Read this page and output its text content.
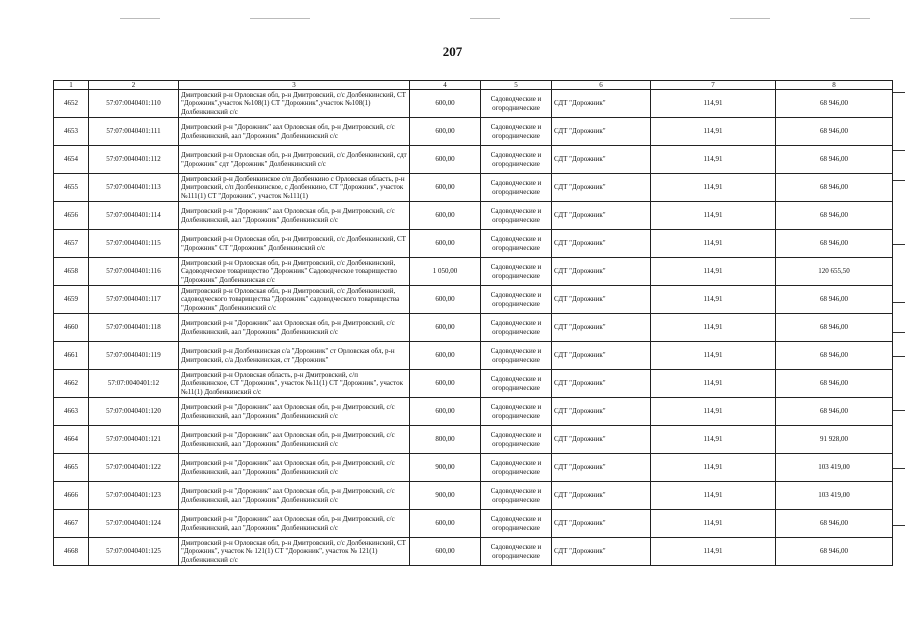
207
1	2	3	4	5	6	7	8
4652	57:07:0040401:110	Дмитровский р-н Орловская обл, р-н Дмитровский, с/с Долбенкинский, СТ "Дорожник",участок №108(1) СТ "Дорожник",участок №108(1) Долбенкинский с/с	600,00	Садоводческие и огороднические	СДТ "Дорожник"	114,91	68 946,00
4653	57:07:0040401:111	Дмитровский р-н "Дорожник" аал Орловская обл, р-н Дмитровский, с/с Долбенкинский, аал "Дорожник" Долбенкинский с/с	600,00	Садоводческие и огороднические	СДТ "Дорожник"	114,91	68 946,00
4654	57:07:0040401:112	Дмитровский р-н Орловская обл, р-н Дмитровский, с/с Долбенкинский, сдт "Дорожник" сдт "Дорожник" Долбенкинский с/с	600,00	Садоводческие и огороднические	СДТ "Дорожник"	114,91	68 946,00
4655	57:07:0040401:113	Дмитровский р-н Долбенкинское с/п Долбенкино с Орловская область, р-н Дмитровский, с/п Долбенкинское, с Долбенкино, СТ "Дорожник", участок №111(1) СТ "Дорожник", участок №111(1)	600,00	Садоводческие и огороднические	СДТ "Дорожник"	114,91	68 946,00
4656	57:07:0040401:114	Дмитровский р-н "Дорожник" аал Орловская обл, р-н Дмитровский, с/с Долбенкинский, аал "Дорожник" Долбенкинский с/с	600,00	Садоводческие и огороднические	СДТ "Дорожник"	114,91	68 946,00
4657	57:07:0040401:115	Дмитровский р-н Орловская обл, р-н Дмитровский, с/с Долбенкинский, СТ "Дорожник" СТ "Дорожник" Долбенкинский с/с	600,00	Садоводческие и огороднические	СДТ "Дорожник"	114,91	68 946,00
4658	57:07:0040401:116	Дмитровский р-н Орловская обл, р-н Дмитровский, с/с Долбенкинский, Садоводческое товарищество "Дорожник" Садоводческое товарищество "Дорожник" Долбенкинская с/с	1 050,00	Садоводческие и огороднические	СДТ "Дорожник"	114,91	120 655,50
4659	57:07:0040401:117	Дмитровский р-н Орловская обл, р-н Дмитровский, с/с Долбенкинский, садоводческого товарищества "Дорожник" садоводческого товарищества "Дорожник" Долбенкинский с/с	600,00	Садоводческие и огороднические	СДТ "Дорожник"	114,91	68 946,00
4660	57:07:0040401:118	Дмитровский р-н "Дорожник" аал Орловская обл, р-н Дмитровский, с/с Долбенкинский, аал "Дорожник" Долбенкинский с/с	600,00	Садоводческие и огороднические	СДТ "Дорожник"	114,91	68 946,00
4661	57:07:0040401:119	Дмитровский р-н Долбенкинская с/а "Дорожник" ст Орловская обл, р-н Дмитровский, с/а Долбенкинская, ст "Дорожник"	600,00	Садоводческие и огороднические	СДТ "Дорожник"	114,91	68 946,00
4662	57:07:0040401:12	Дмитровский р-н Орловская область, р-н Дмитровский, с/п Долбенкинское, СТ "Дорожник", участок №11(1) СТ "Дорожник", участок №11(1) Долбенкинский с/с	600,00	Садоводческие и огороднические	СДТ "Дорожник"	114,91	68 946,00
4663	57:07:0040401:120	Дмитровский р-н "Дорожник" аал Орловская обл, р-н Дмитровский, с/с Долбенкинский, аал "Дорожник" Долбенкинский с/с	600,00	Садоводческие и огороднические	СДТ "Дорожник"	114,91	68 946,00
4664	57:07:0040401:121	Дмитровский р-н "Дорожник" аал Орловская обл, р-н Дмитровский, с/с Долбенкинский, аал "Дорожник" Долбенкинский с/с	800,00	Садоводческие и огороднические	СДТ "Дорожник"	114,91	91 928,00
4665	57:07:0040401:122	Дмитровский р-н "Дорожник" аал Орловская обл, р-н Дмитровский, с/с Долбенкинский, аал "Дорожник" Долбенкинский с/с	900,00	Садоводческие и огороднические	СДТ "Дорожник"	114,91	103 419,00
4666	57:07:0040401:123	Дмитровский р-н "Дорожник" аал Орловская обл, р-н Дмитровский, с/с Долбенкинский, аал "Дорожник" Долбенкинский с/с	900,00	Садоводческие и огороднические	СДТ "Дорожник"	114,91	103 419,00
4667	57:07:0040401:124	Дмитровский р-н "Дорожник" аал Орловская обл, р-н Дмитровский, с/с Долбенкинский, аал "Дорожник" Долбенкинский с/с	600,00	Садоводческие и огороднические	СДТ "Дорожник"	114,91	68 946,00
4668	57:07:0040401:125	Дмитровский р-н Орловская обл, р-н Дмитровский, с/с Долбенкинский, СТ "Дорожник", участок № 121(1) СТ "Дорожник", участок № 121(1) Долбенкинский с/с	600,00	Садоводческие и огороднические	СДТ "Дорожник"	114,91	68 946,00
